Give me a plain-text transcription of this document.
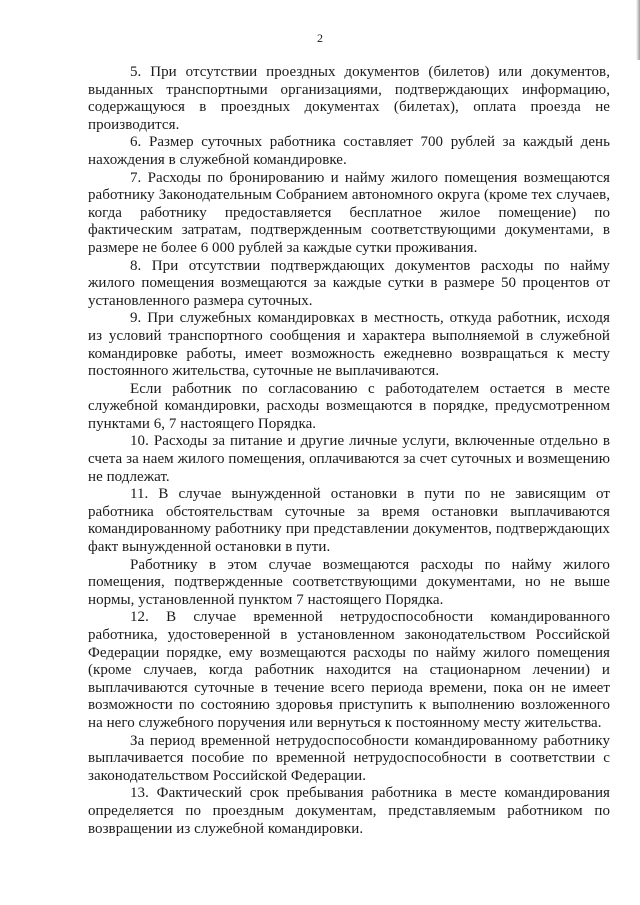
2

5. При отсутствии проездных документов (билетов) или документов, выданных транспортными организациями, подтверждающих информацию, содержащуюся в проездных документах (билетах), оплата проезда не производится.

6. Размер суточных работника составляет 700 рублей за каждый день нахождения в служебной командировке.

7. Расходы по бронированию и найму жилого помещения возмещаются работнику Законодательным Собранием автономного округа (кроме тех случаев, когда работнику предоставляется бесплатное жилое помещение) по фактическим затратам, подтвержденным соответствующими документами, в размере не более 6 000 рублей за каждые сутки проживания.

8. При отсутствии подтверждающих документов расходы по найму жилого помещения возмещаются за каждые сутки в размере 50 процентов от установленного размера суточных.

9. При служебных командировках в местность, откуда работник, исходя из условий транспортного сообщения и характера выполняемой в служебной командировке работы, имеет возможность ежедневно возвращаться к месту постоянного жительства, суточные не выплачиваются.

Если работник по согласованию с работодателем остается в месте служебной командировки, расходы возмещаются в порядке, предусмотренном пунктами 6, 7 настоящего Порядка.

10. Расходы за питание и другие личные услуги, включенные отдельно в счета за наем жилого помещения, оплачиваются за счет суточных и возмещению не подлежат.

11. В случае вынужденной остановки в пути по не зависящим от работника обстоятельствам суточные за время остановки выплачиваются командированному работнику при представлении документов, подтверждающих факт вынужденной остановки в пути.

Работнику в этом случае возмещаются расходы по найму жилого помещения, подтвержденные соответствующими документами, но не выше нормы, установленной пунктом 7 настоящего Порядка.

12. В случае временной нетрудоспособности командированного работника, удостоверенной в установленном законодательством Российской Федерации порядке, ему возмещаются расходы по найму жилого помещения (кроме случаев, когда работник находится на стационарном лечении) и выплачиваются суточные в течение всего периода времени, пока он не имеет возможности по состоянию здоровья приступить к выполнению возложенного на него служебного поручения или вернуться к постоянному месту жительства.

За период временной нетрудоспособности командированному работнику выплачивается пособие по временной нетрудоспособности в соответствии с законодательством Российской Федерации.

13. Фактический срок пребывания работника в месте командирования определяется по проездным документам, представляемым работником по возвращении из служебной командировки.
